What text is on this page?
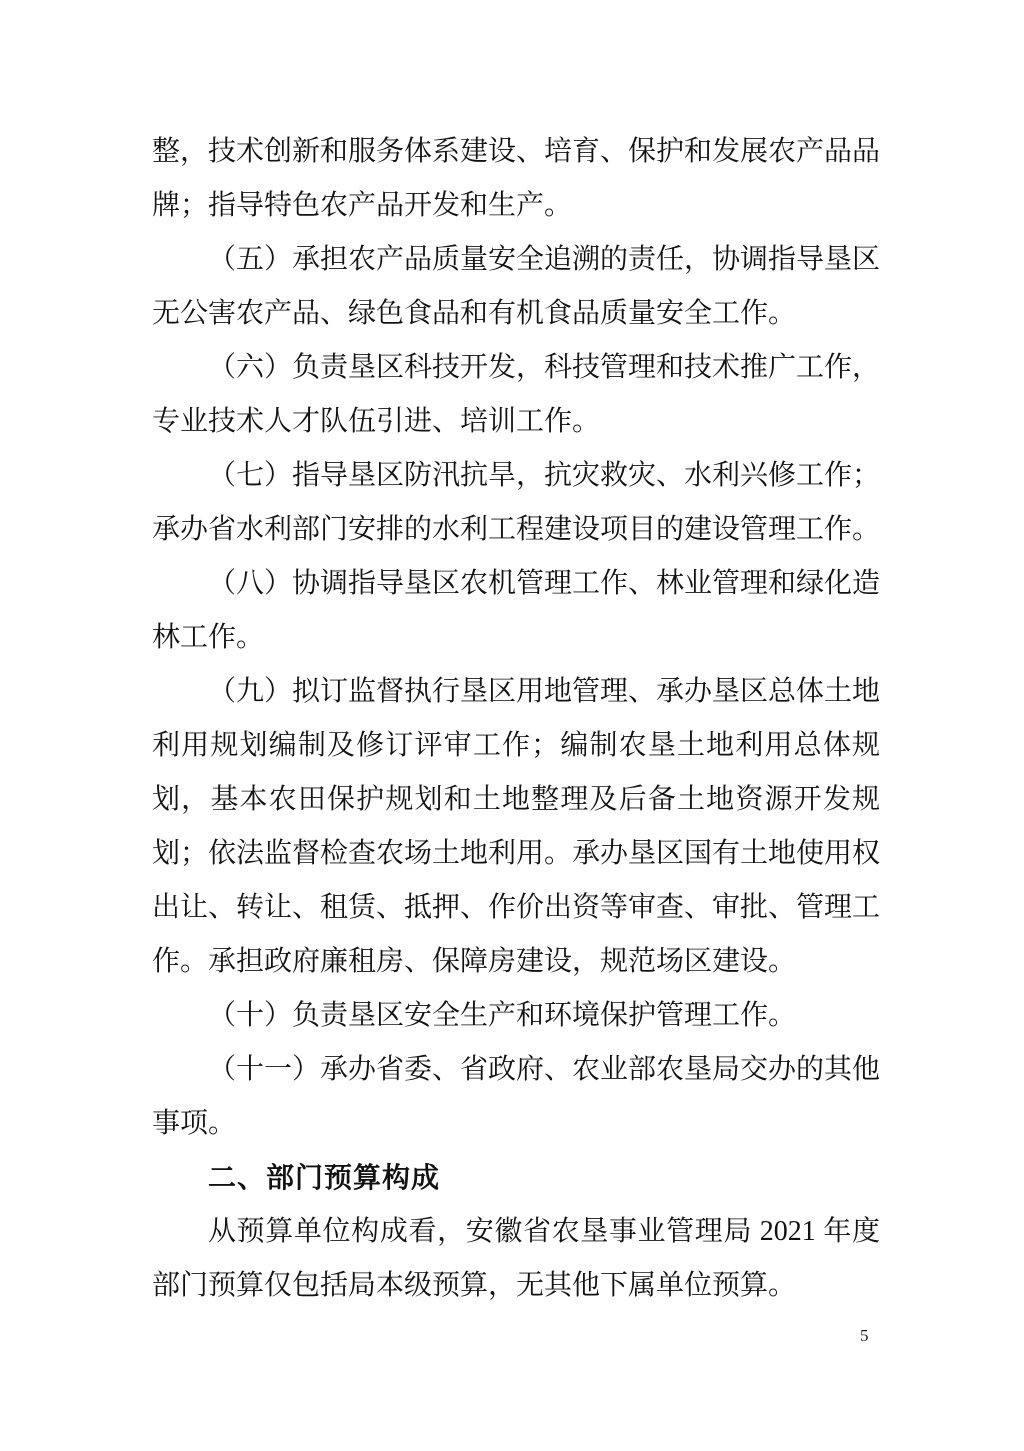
整，技术创新和服务体系建设、培育、保护和发展农产品品
牌；指导特色农产品开发和生产。
（五）承担农产品质量安全追溯的责任，协调指导垦区
无公害农产品、绿色食品和有机食品质量安全工作。
（六）负责垦区科技开发，科技管理和技术推广工作，
专业技术人才队伍引进、培训工作。
（七）指导垦区防汛抗旱，抗灾救灾、水利兴修工作；
承办省水利部门安排的水利工程建设项目的建设管理工作。
（八）协调指导垦区农机管理工作、林业管理和绿化造
林工作。
（九）拟订监督执行垦区用地管理、承办垦区总体土地
利用规划编制及修订评审工作；编制农垦土地利用总体规
划，基本农田保护规划和土地整理及后备土地资源开发规
划；依法监督检查农场土地利用。承办垦区国有土地使用权
出让、转让、租赁、抵押、作价出资等审查、审批、管理工
作。承担政府廉租房、保障房建设，规范场区建设。
（十）负责垦区安全生产和环境保护管理工作。
（十一）承办省委、省政府、农业部农垦局交办的其他
事项。
二、部门预算构成
从预算单位构成看，安徽省农垦事业管理局 2021 年度
部门预算仅包括局本级预算，无其他下属单位预算。
5
